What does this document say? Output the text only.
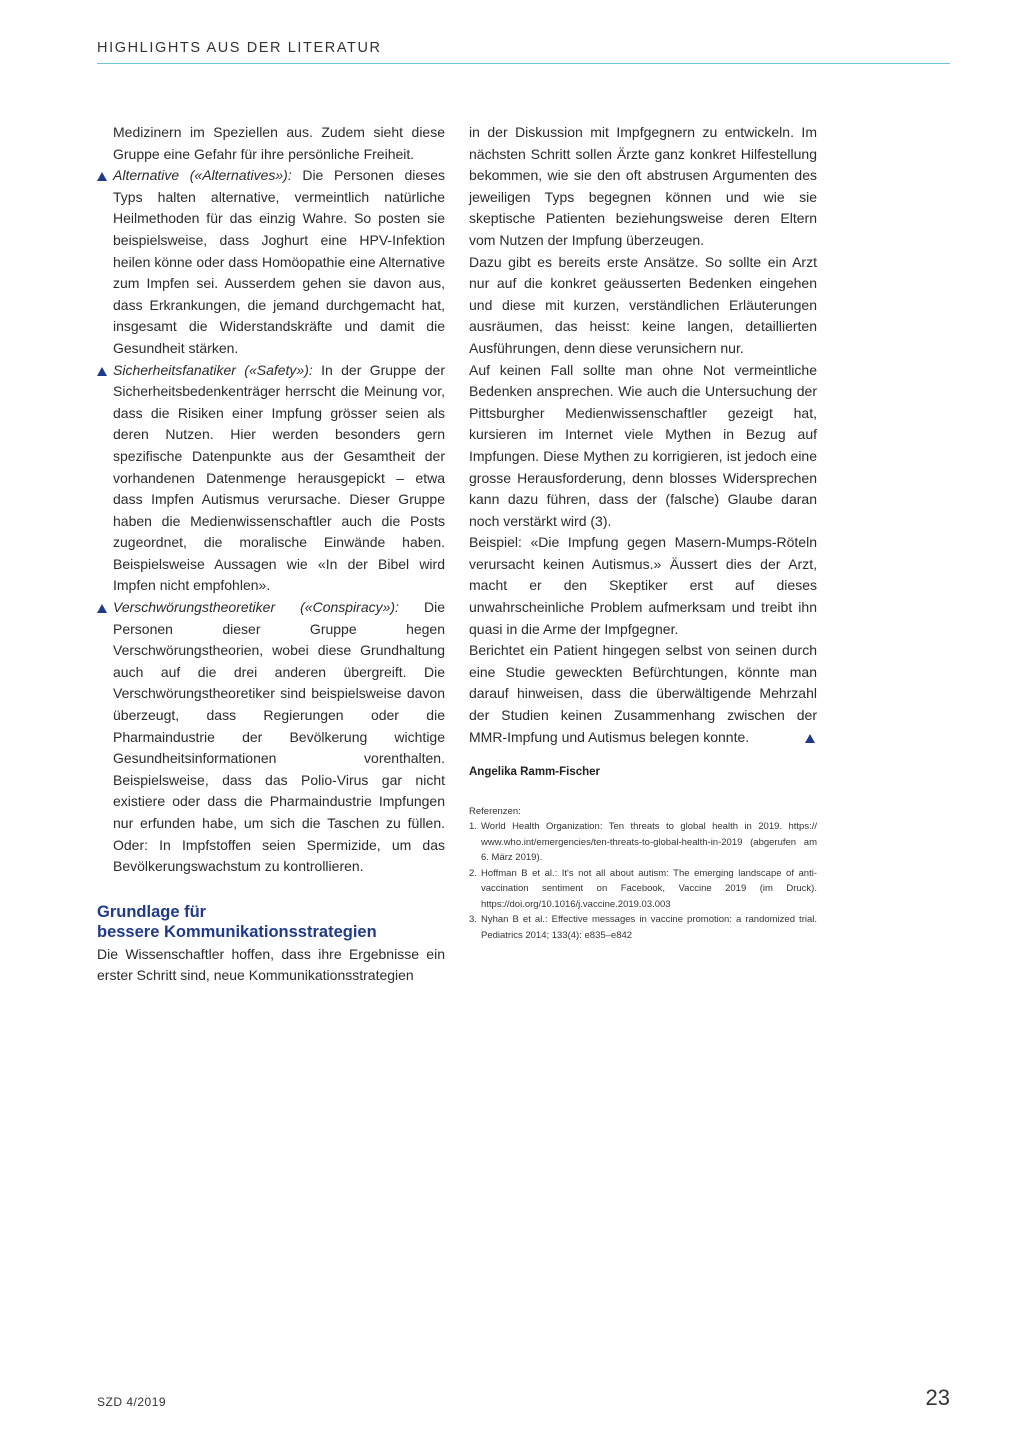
HIGHLIGHTS AUS DER LITERATUR

Medizinern im Speziellen aus. Zudem sieht diese Gruppe eine Gefahr für ihre persönliche Freiheit.

Alternative («Alternatives»): Die Personen dieses Typs halten alternative, vermeintlich natürliche Heilmethoden für das einzig Wahre. So posten sie beispielsweise, dass Joghurt eine HPV-Infektion heilen könne oder dass Homöopathie eine Alternative zum Impfen sei. Ausserdem gehen sie davon aus, dass Erkrankungen, die jemand durchgemacht hat, insgesamt die Widerstandskräfte und damit die Gesundheit stärken.

Sicherheitsfanatiker («Safety»): In der Gruppe der Sicherheitsbedenkenträger herrscht die Meinung vor, dass die Risiken einer Impfung grösser seien als deren Nutzen. Hier werden besonders gern spezifische Datenpunkte aus der Gesamtheit der vorhandenen Datenmenge herausgepickt – etwa dass Impfen Autismus verursache. Dieser Gruppe haben die Medienwissenschaftler auch die Posts zugeordnet, die moralische Einwände haben. Beispielsweise Aussagen wie «In der Bibel wird Impfen nicht empfohlen».

Verschwörungstheoretiker («Conspiracy»): Die Personen dieser Gruppe hegen Verschwörungstheorien, wobei diese Grundhaltung auch auf die drei anderen übergreift. Die Verschwörungstheoretiker sind beispielsweise davon überzeugt, dass Regierungen oder die Pharmaindustrie der Bevölkerung wichtige Gesundheitsinformationen vorenthalten. Beispielsweise, dass das Polio-Virus gar nicht existiere oder dass die Pharmaindustrie Impfungen nur erfunden habe, um sich die Taschen zu füllen. Oder: In Impfstoffen seien Spermizide, um das Bevölkerungswachstum zu kontrollieren.

Grundlage für
bessere Kommunikationsstrategien

Die Wissenschaftler hoffen, dass ihre Ergebnisse ein erster Schritt sind, neue Kommunikationsstrategien

in der Diskussion mit Impfgegnern zu entwickeln. Im nächsten Schritt sollen Ärzte ganz konkret Hilfestellung bekommen, wie sie den oft abstrusen Argumenten des jeweiligen Typs begegnen können und wie sie skeptische Patienten beziehungsweise deren Eltern vom Nutzen der Impfung überzeugen.

Dazu gibt es bereits erste Ansätze. So sollte ein Arzt nur auf die konkret geäusserten Bedenken eingehen und diese mit kurzen, verständlichen Erläuterungen ausräumen, das heisst: keine langen, detaillierten Ausführungen, denn diese verunsichern nur.

Auf keinen Fall sollte man ohne Not vermeintliche Bedenken ansprechen. Wie auch die Untersuchung der Pittsburgher Medienwissenschaftler gezeigt hat, kursieren im Internet viele Mythen in Bezug auf Impfungen. Diese Mythen zu korrigieren, ist jedoch eine grosse Herausforderung, denn blosses Widersprechen kann dazu führen, dass der (falsche) Glaube daran noch verstärkt wird (3).

Beispiel: «Die Impfung gegen Masern-Mumps-Röteln verursacht keinen Autismus.» Äussert dies der Arzt, macht er den Skeptiker erst auf dieses unwahrscheinliche Problem aufmerksam und treibt ihn quasi in die Arme der Impfgegner.

Berichtet ein Patient hingegen selbst von seinen durch eine Studie geweckten Befürchtungen, könnte man darauf hinweisen, dass die überwältigende Mehrzahl der Studien keinen Zusammenhang zwischen der MMR-Impfung und Autismus belegen konnte.

Angelika Ramm-Fischer
Referenzen:
1. World Health Organization: Ten threats to global health in 2019. https:// www.who.int/emergencies/ten-threats-to-global-health-in-2019 (abgerufen am 6. März 2019).
2. Hoffman B et al.: It's not all about autism: The emerging landscape of anti-vaccination sentiment on Facebook, Vaccine 2019 (im Druck). https://doi.org/10.1016/j.vaccine.2019.03.003
3. Nyhan B et al.: Effective messages in vaccine promotion: a randomized trial. Pediatrics 2014; 133(4): e835–e842
SZD 4/2019	23
